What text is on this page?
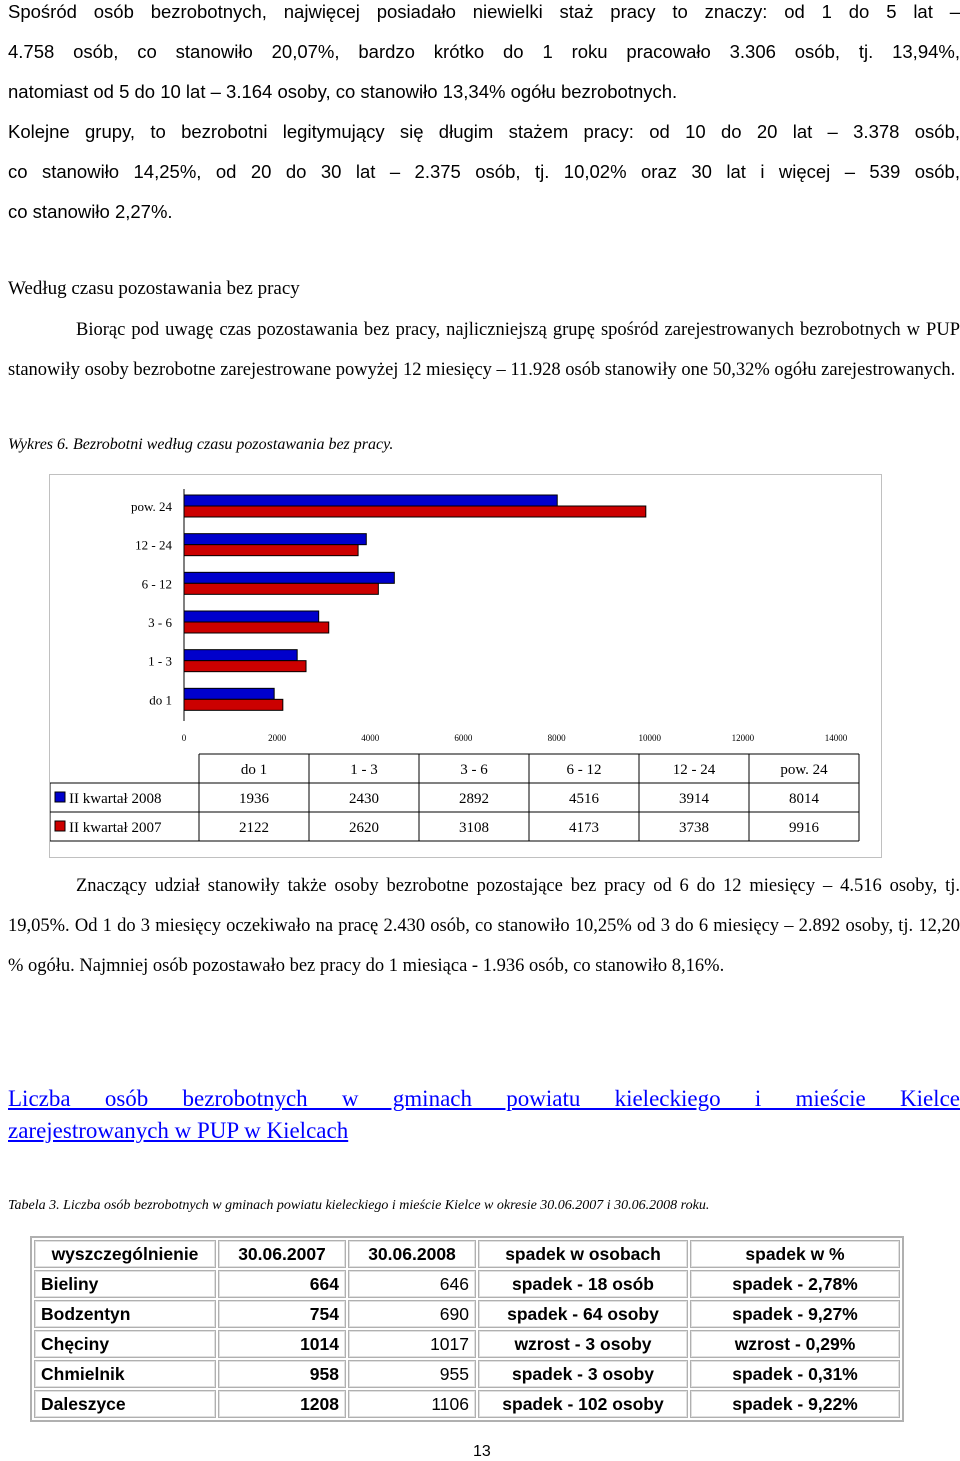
Spośród osób bezrobotnych, najwięcej posiadało niewielki staż pracy to znaczy: od 1 do 5 lat –
4.758 osób, co stanowiło 20,07%, bardzo krótko do 1 roku pracowało 3.306 osób, tj. 13,94%,
natomiast od 5 do 10 lat – 3.164 osoby, co stanowiło 13,34% ogółu bezrobotnych.
Kolejne grupy, to bezrobotni legitymujący się długim stażem pracy: od 10 do 20 lat – 3.378 osób,
co stanowiło 14,25%, od 20 do 30 lat – 2.375 osób, tj. 10,02% oraz 30 lat i więcej – 539 osób,
co stanowiło 2,27%.

Według czasu pozostawania bez pracy

Biorąc pod uwagę czas pozostawania bez pracy, najliczniejszą grupę spośród zarejestrowanych bezrobotnych w PUP stanowiły osoby bezrobotne zarejestrowane powyżej 12 miesięcy – 11.928 osób stanowiły one 50,32% ogółu zarejestrowanych.

Wykres 6. Bezrobotni według czasu pozostawania bez pracy.

pow. 24
12 - 24
6 - 12
3 - 6
1 - 3
do 1
0	2000	4000	6000	8000	10000	12000	14000
do 1	1 - 3	3 - 6	6 - 12	12 - 24	pow. 24
II kwartał 2008	1936	2430	2892	4516	3914	8014
II kwartał 2007	2122	2620	3108	4173	3738	9916

Znaczący udział stanowiły także osoby bezrobotne pozostające bez pracy od 6 do 12 miesięcy – 4.516 osoby, tj. 19,05%. Od 1 do 3 miesięcy oczekiwało na pracę 2.430 osób, co stanowiło 10,25% od 3 do 6 miesięcy – 2.892 osoby, tj. 12,20 % ogółu. Najmniej osób pozostawało bez pracy do 1 miesiąca - 1.936 osób, co stanowiło 8,16%.

Liczba osób bezrobotnych w gminach powiatu kieleckiego i mieście Kielce
zarejestrowanych w PUP w Kielcach

Tabela 3. Liczba osób bezrobotnych w gminach powiatu kieleckiego i mieście Kielce w okresie 30.06.2007 i 30.06.2008 roku.

wyszczególnienie	30.06.2007	30.06.2008	spadek w osobach	spadek w %
Bieliny	664	646	spadek - 18 osób	spadek - 2,78%
Bodzentyn	754	690	spadek - 64 osoby	spadek - 9,27%
Chęciny	1014	1017	wzrost - 3 osoby	wzrost - 0,29%
Chmielnik	958	955	spadek - 3 osoby	spadek - 0,31%
Daleszyce	1208	1106	spadek - 102 osoby	spadek - 9,22%
13
